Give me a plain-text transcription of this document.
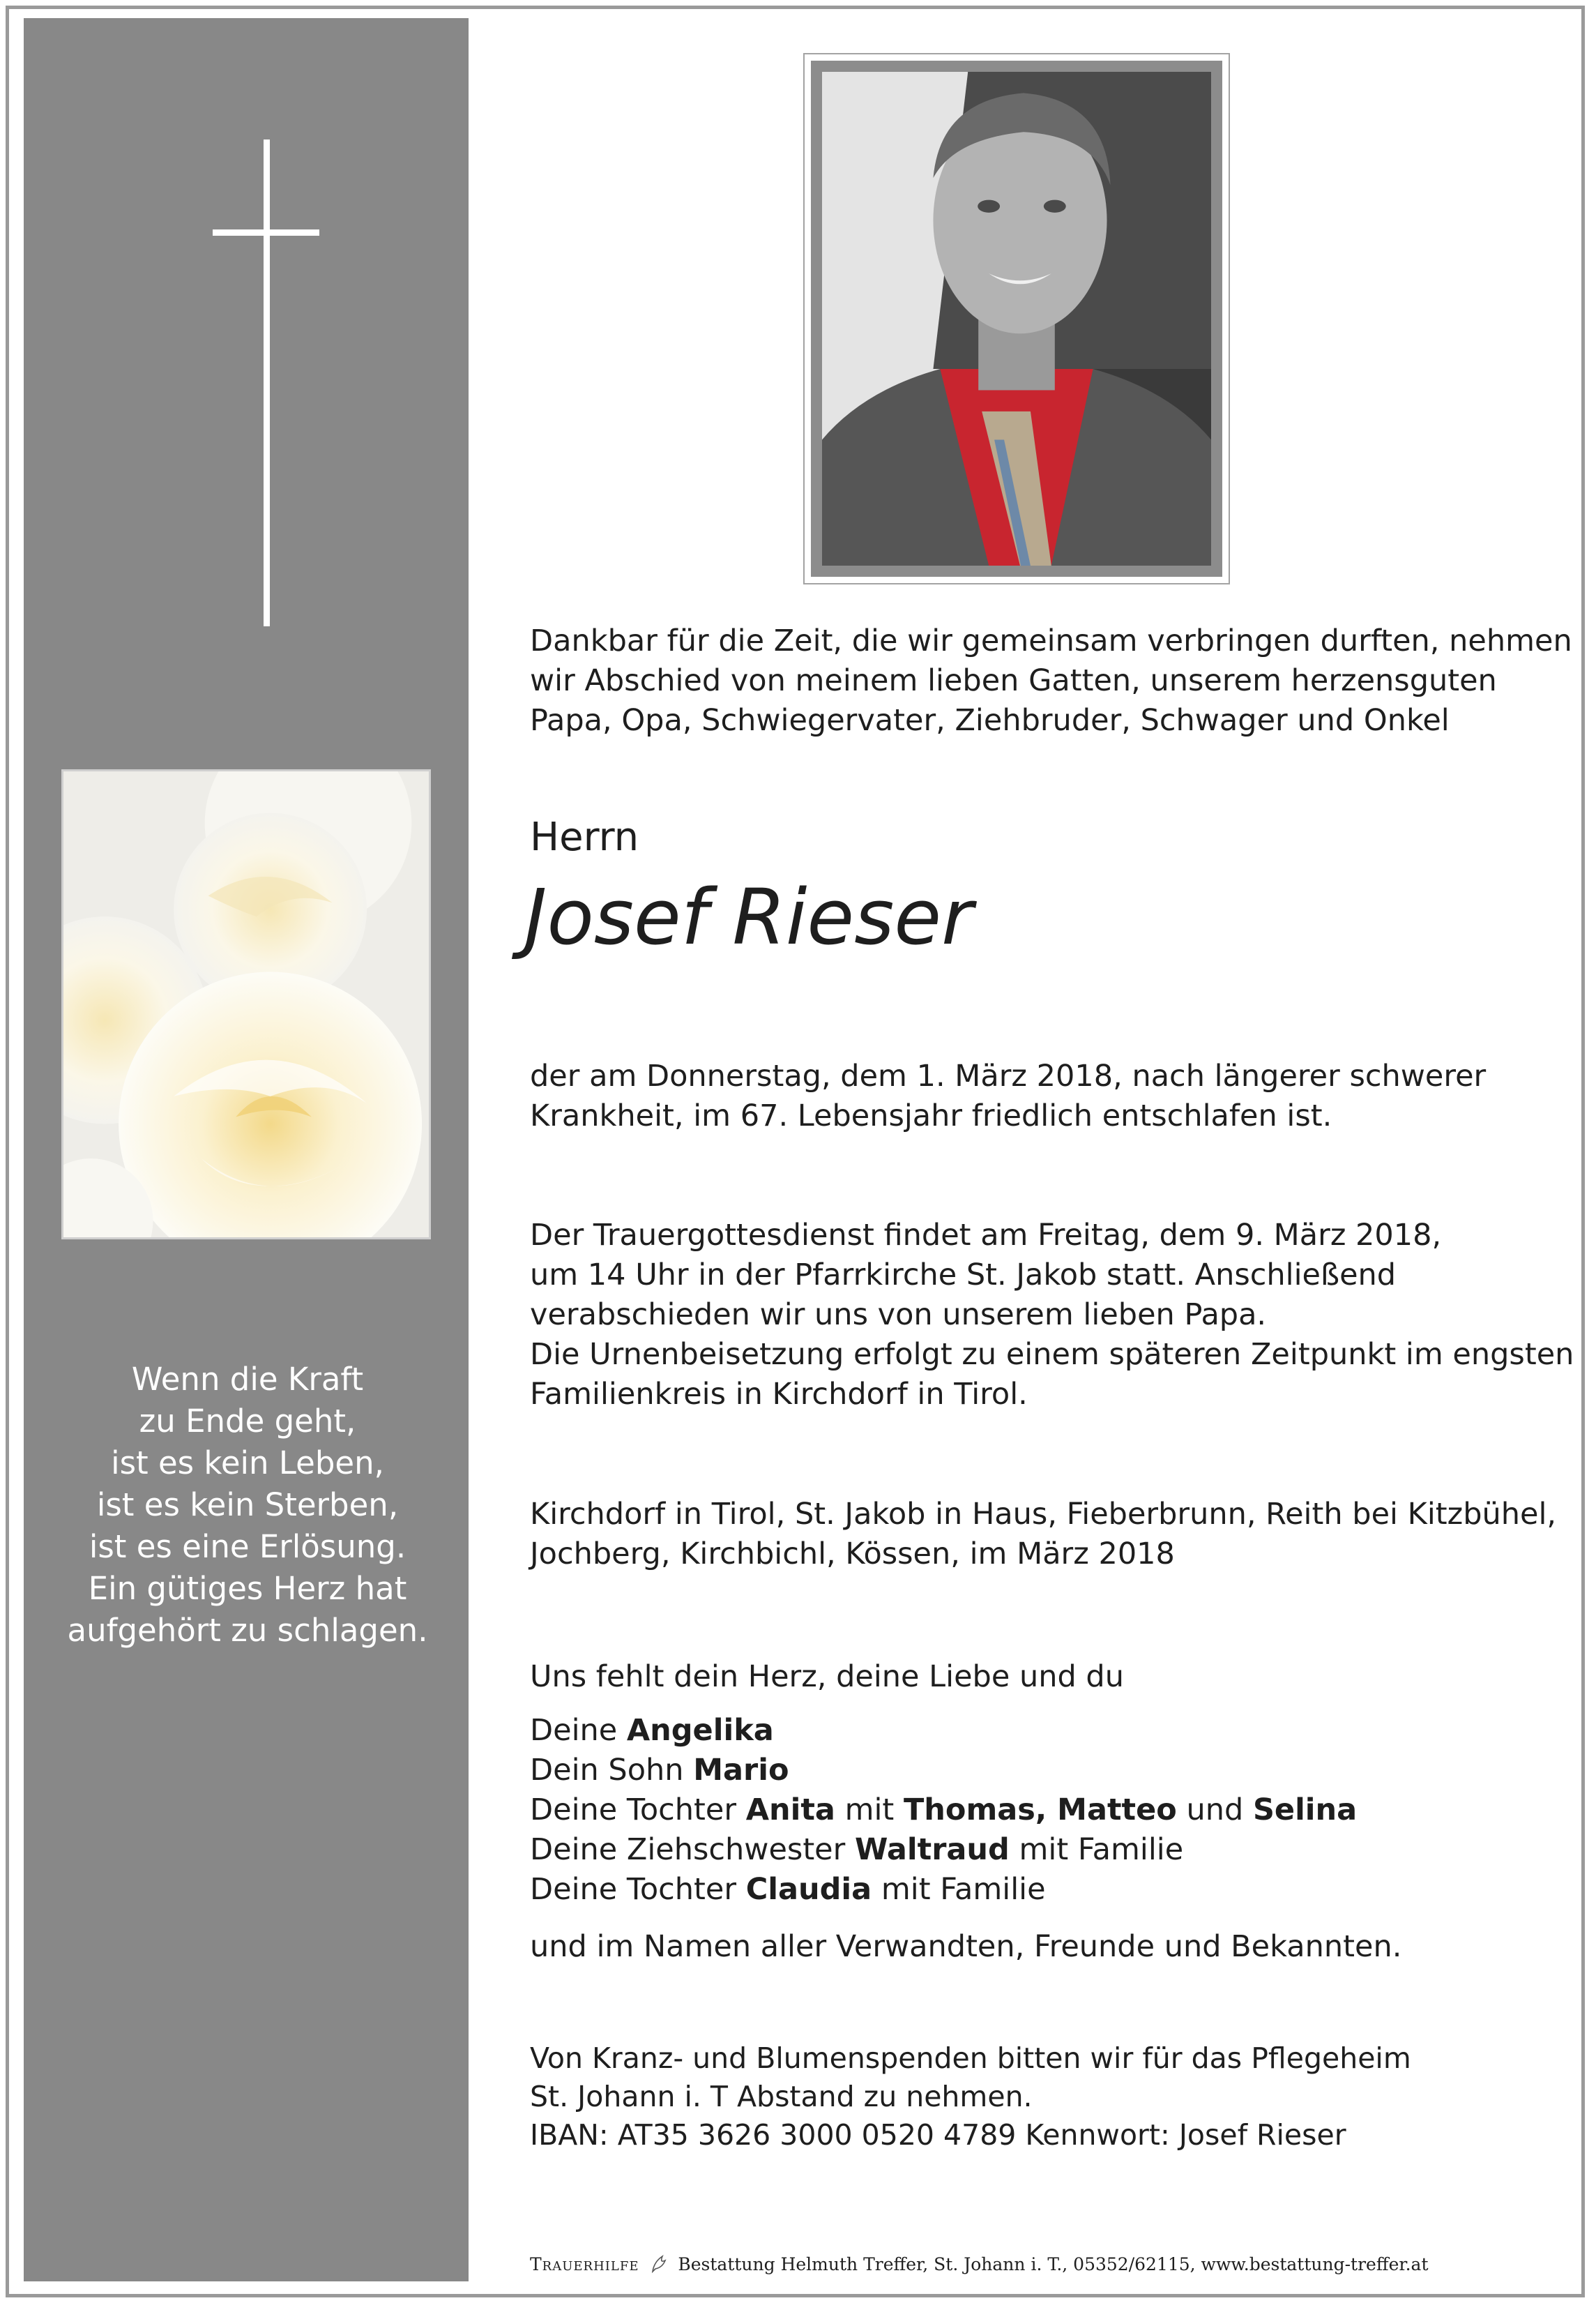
Wenn die Kraft
zu Ende geht,
ist es kein Leben,
ist es kein Sterben,
ist es eine Erlösung.
Ein gütiges Herz hat
aufgehört zu schlagen.
Dankbar für die Zeit, die wir gemeinsam verbringen durften, nehmen
wir Abschied von meinem lieben Gatten, unserem herzensguten
Papa, Opa, Schwiegervater, Ziehbruder, Schwager und Onkel
Herrn
Josef Rieser
der am Donnerstag, dem 1. März 2018, nach längerer schwerer
Krankheit, im 67. Lebensjahr friedlich entschlafen ist.
Der Trauergottesdienst findet am Freitag, dem 9. März 2018,
um 14 Uhr in der Pfarrkirche St. Jakob statt. Anschließend
verabschieden wir uns von unserem lieben Papa.
Die Urnenbeisetzung erfolgt zu einem späteren Zeitpunkt im engsten
Familienkreis in Kirchdorf in Tirol.
Kirchdorf in Tirol, St. Jakob in Haus, Fieberbrunn, Reith bei Kitzbühel,
Jochberg, Kirchbichl, Kössen, im März 2018
Uns fehlt dein Herz, deine Liebe und du
Deine Angelika
Dein Sohn Mario
Deine Tochter Anita mit Thomas, Matteo und Selina
Deine Ziehschwester Waltraud mit Familie
Deine Tochter Claudia mit Familie
und im Namen aller Verwandten, Freunde und Bekannten.
Von Kranz- und Blumenspenden bitten wir für das Pflegeheim
St. Johann i. T Abstand zu nehmen.
IBAN: AT35 3626 3000 0520 4789 Kennwort: Josef Rieser
Trauerhilfe Bestattung Helmuth Treffer, St. Johann i. T., 05352/62115, www.bestattung-treffer.at
